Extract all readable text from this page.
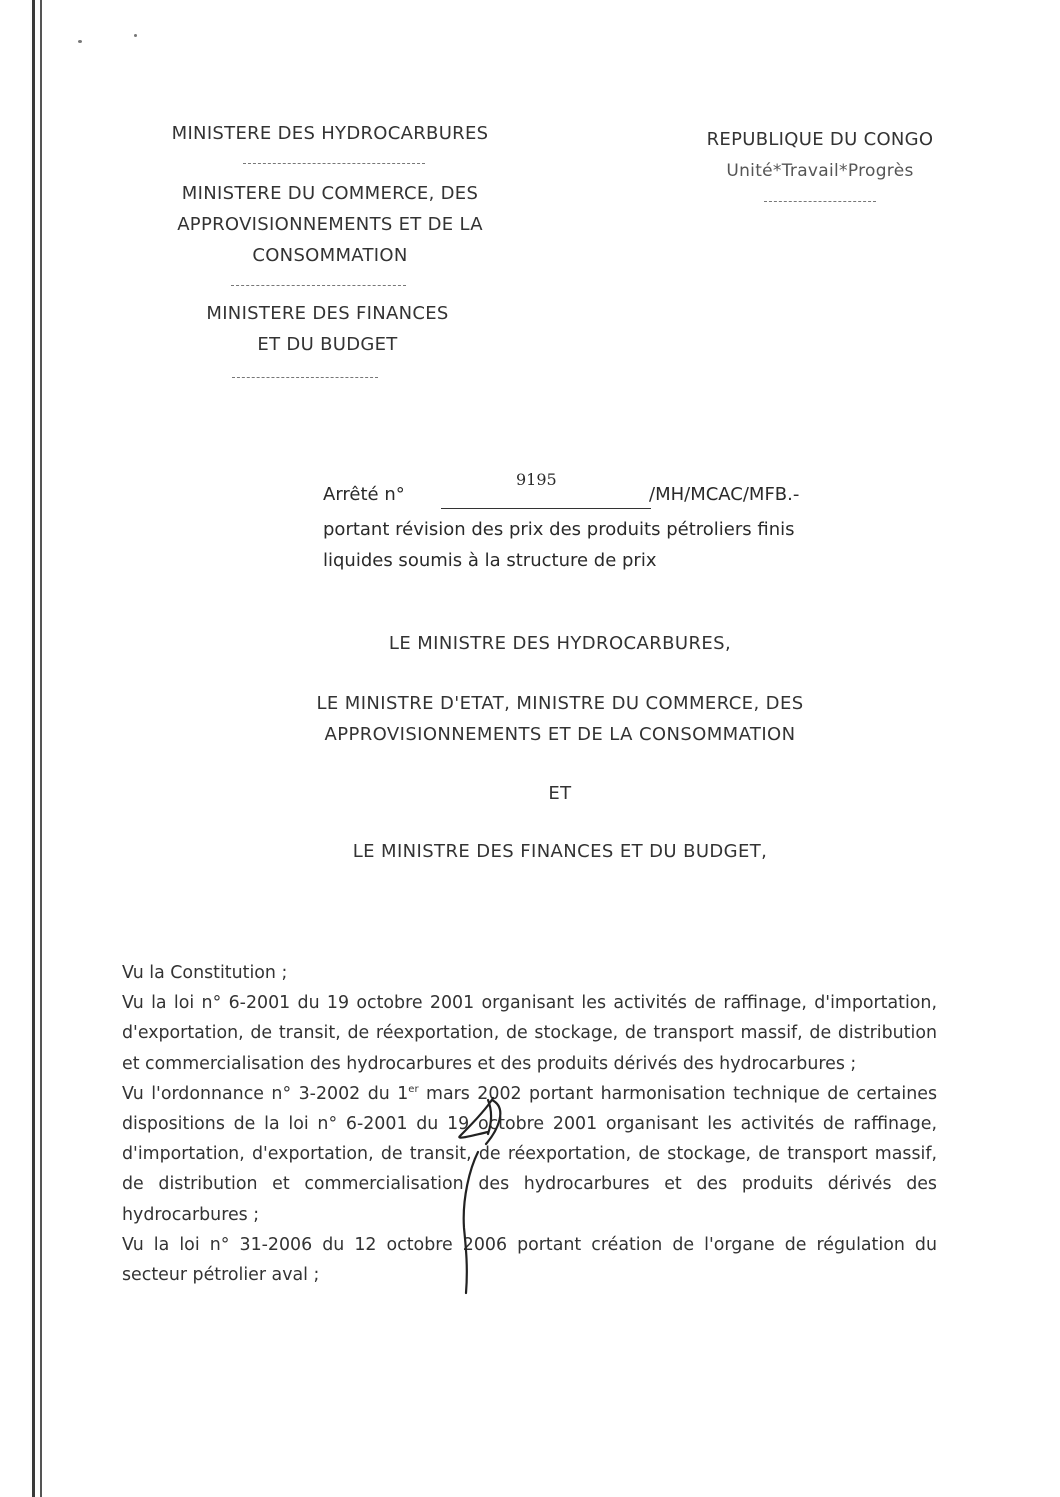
MINISTERE DES HYDROCARBURES
MINISTERE DU COMMERCE, DES
APPROVISIONNEMENTS ET DE LA
CONSOMMATION
MINISTERE DES FINANCES
ET DU BUDGET
REPUBLIQUE DU CONGO
Unité*Travail*Progrès
Arrêté n°
9195
/MH/MCAC/MFB.-
portant révision des prix des produits pétroliers finis
liquides soumis à la structure de prix
LE MINISTRE DES HYDROCARBURES,
LE MINISTRE D'ETAT, MINISTRE DU COMMERCE, DES
APPROVISIONNEMENTS ET DE LA CONSOMMATION
ET
LE MINISTRE DES FINANCES ET DU BUDGET,

Vu la Constitution ;

Vu la loi n° 6-2001 du 19 octobre 2001 organisant les activités de raffinage, d'importation, d'exportation, de transit, de réexportation, de stockage, de transport massif, de distribution et commercialisation des hydrocarbures et des produits dérivés des hydrocarbures ;

Vu l'ordonnance n° 3-2002 du 1er mars 2002 portant harmonisation technique de certaines dispositions de la loi n° 6-2001 du 19 octobre 2001 organisant les activités de raffinage, d'importation, d'exportation, de transit, de réexportation, de stockage, de transport massif, de distribution et commercialisation des hydrocarbures et des produits dérivés des hydrocarbures ;

Vu la loi n° 31-2006 du 12 octobre 2006 portant création de l'organe de régulation du secteur pétrolier aval ;
